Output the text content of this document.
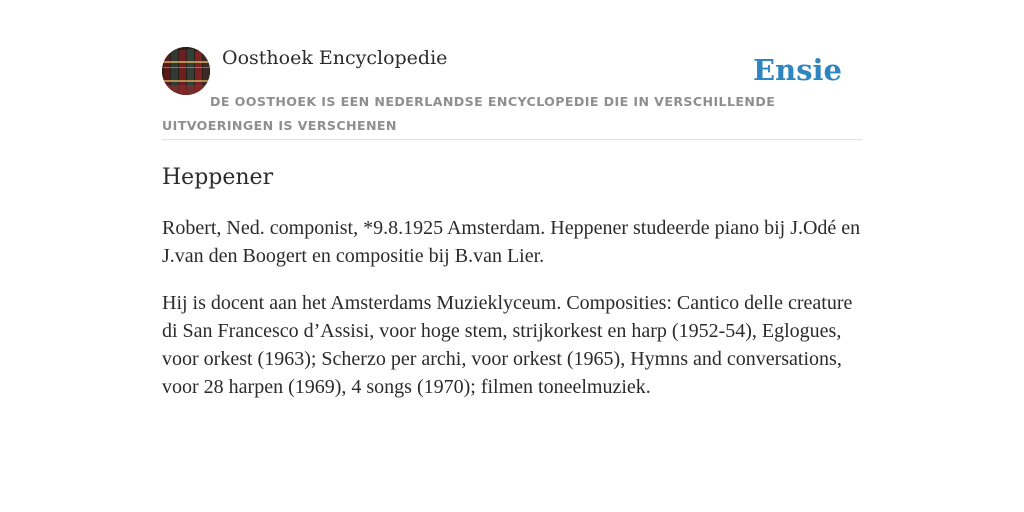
Oosthoek Encyclopedie	Ensie
DE OOSTHOEK IS EEN NEDERLANDSE ENCYCLOPEDIE DIE IN VERSCHILLENDE UITVOERINGEN IS VERSCHENEN
Heppener

Robert, Ned. componist, *9.8.1925 Amsterdam. Heppener studeerde piano bij J.Odé en J.van den Boogert en compositie bij B.van Lier.

Hij is docent aan het Amsterdams Muzieklyceum. Composities: Cantico delle creature di San Francesco d’Assisi, voor hoge stem, strijkorkest en harp (1952-54), Eglogues, voor orkest (1963); Scherzo per archi, voor orkest (1965), Hymns and conversations, voor 28 harpen (1969), 4 songs (1970); filmen toneelmuziek.
